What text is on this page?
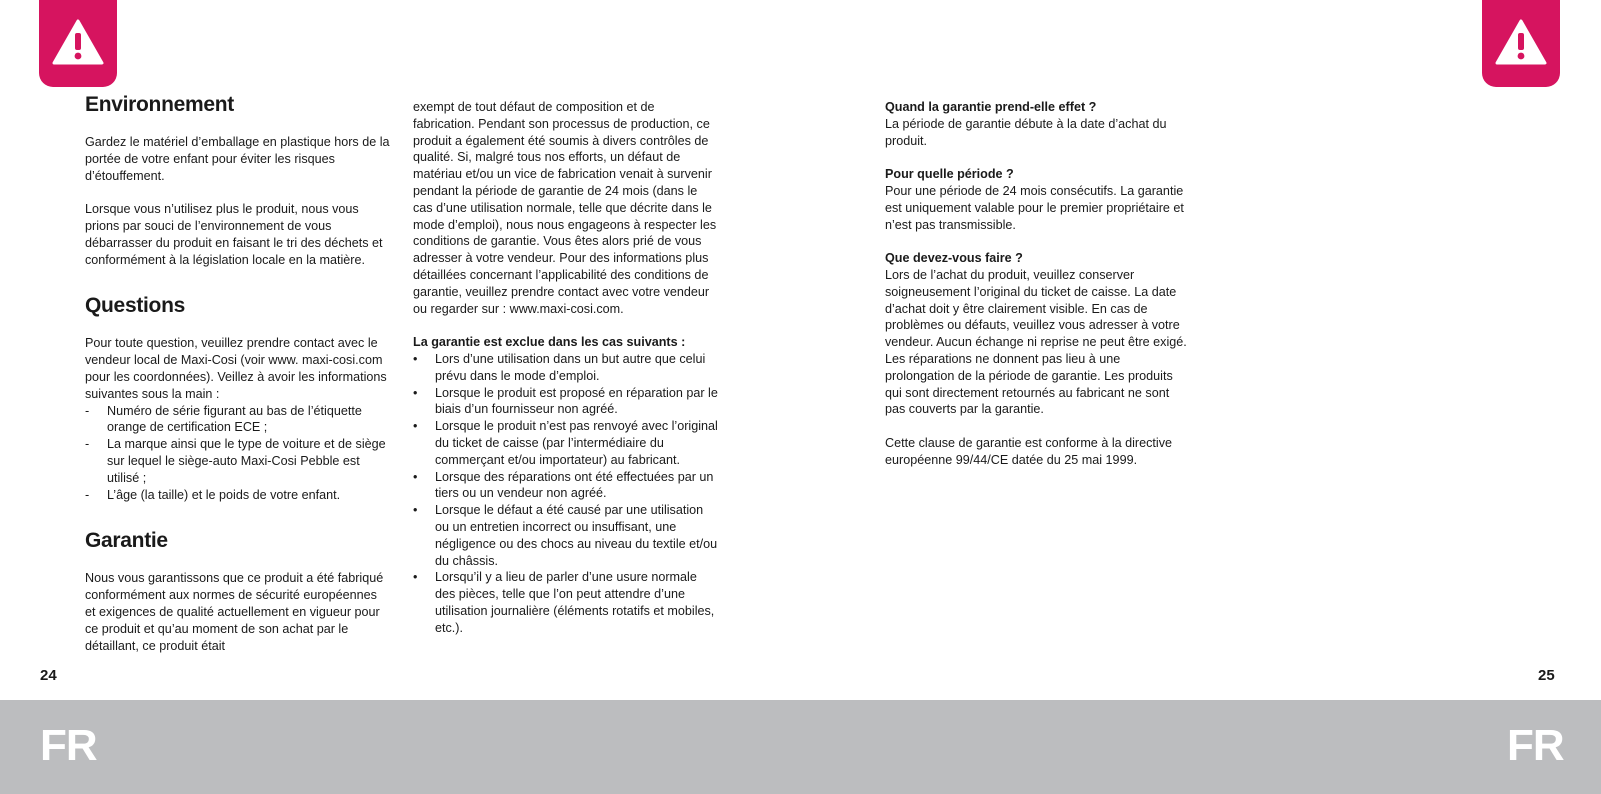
Environnement

Gardez le matériel d’emballage en plastique hors de la portée de votre enfant pour éviter les risques d’étouffement.

Lorsque vous n’utilisez plus le produit, nous vous prions par souci de l’environnement de vous débarrasser du produit en faisant le tri des déchets et conformément à la législation locale en la matière.

Questions

Pour toute question, veuillez prendre contact avec le vendeur local de Maxi-Cosi (voir www. maxi-cosi.com pour les coordonnées). Veillez à avoir les informations suivantes sous la main :

- Numéro de série figurant au bas de l’étiquette orange de certification ECE ;
- La marque ainsi que le type de voiture et de siège sur lequel le siège-auto Maxi-Cosi Pebble est utilisé ;
- L’âge (la taille) et le poids de votre enfant.
Garantie

Nous vous garantissons que ce produit a été fabriqué conformément aux normes de sécurité européennes et exigences de qualité actuellement en vigueur pour ce produit et qu’au moment de son achat par le détaillant, ce produit était

exempt de tout défaut de composition et de fabrication. Pendant son processus de production, ce produit a également été soumis à divers contrôles de qualité. Si, malgré tous nos efforts, un défaut de matériau et/ou un vice de fabrication venait à survenir pendant la période de garantie de 24 mois (dans le cas d’une utilisation normale, telle que décrite dans le mode d’emploi), nous nous engageons à respecter les conditions de garantie. Vous êtes alors prié de vous adresser à votre vendeur. Pour des informations plus détaillées concernant l’applicabilité des conditions de garantie, veuillez prendre contact avec votre vendeur ou regarder sur : www.maxi-cosi.com.

La garantie est exclue dans les cas suivants :

• Lors d’une utilisation dans un but autre que celui prévu dans le mode d’emploi.
• Lorsque le produit est proposé en réparation par le biais d’un fournisseur non agréé.
• Lorsque le produit n’est pas renvoyé avec l’original du ticket de caisse (par l’intermédiaire du commerçant et/ou importateur) au fabricant.
• Lorsque des réparations ont été effectuées par un tiers ou un vendeur non agréé.
• Lorsque le défaut a été causé par une utilisation ou un entretien incorrect ou insuffisant, une négligence ou des chocs au niveau du textile et/ou du châssis.
• Lorsqu’il y a lieu de parler d’une usure normale des pièces, telle que l’on peut attendre d’une utilisation journalière (éléments rotatifs et mobiles, etc.).

Quand la garantie prend-elle effet ?

La période de garantie débute à la date d’achat du produit.

Pour quelle période ?

Pour une période de 24 mois consécutifs. La garantie est uniquement valable pour le premier propriétaire et n’est pas transmissible.

Que devez-vous faire ?

Lors de l’achat du produit, veuillez conserver soigneusement l’original du ticket de caisse. La date d’achat doit y être clairement visible. En cas de problèmes ou défauts, veuillez vous adresser à votre vendeur. Aucun échange ni reprise ne peut être exigé. Les réparations ne donnent pas lieu à une prolongation de la période de garantie. Les produits qui sont directement retournés au fabricant ne sont pas couverts par la garantie.

Cette clause de garantie est conforme à la directive européenne 99/44/CE datée du 25 mai 1999.

24	25
FR	FR
